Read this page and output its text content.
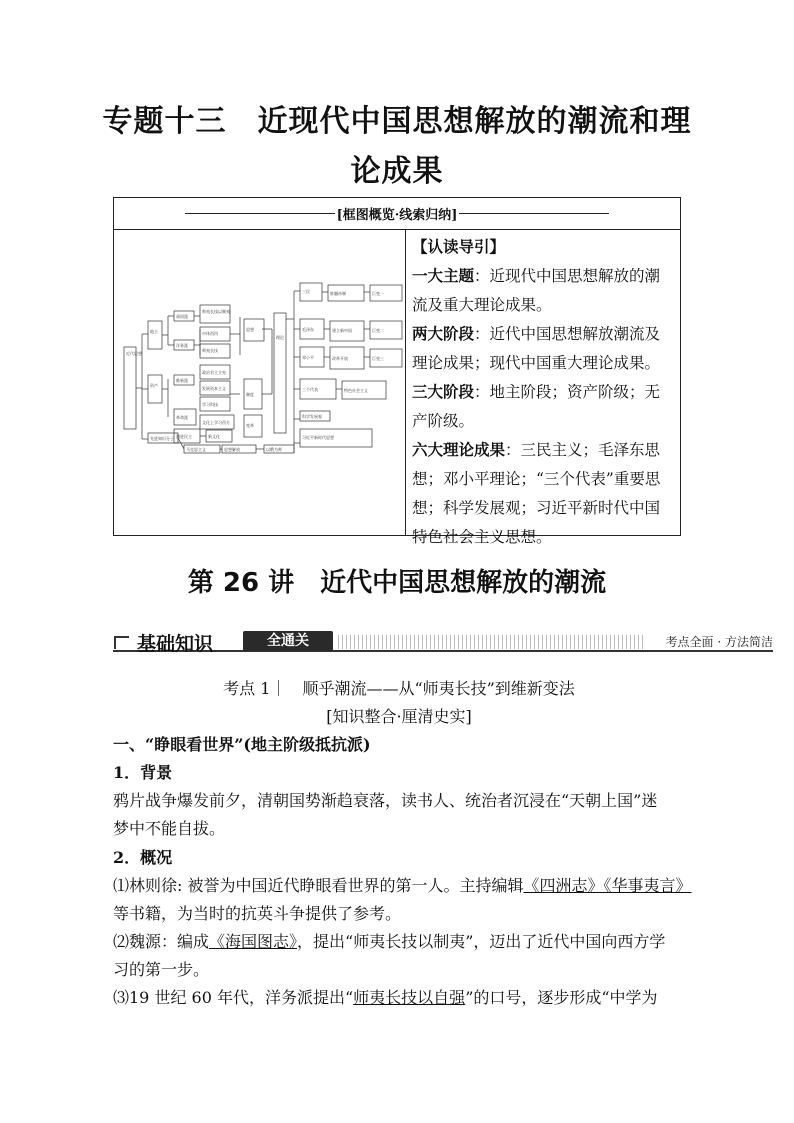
专题十三　近现代中国思想解放的潮流和理
论成果
[框图概览·线索归纳]
近代思想
地主
资产
先进知识分子
顽固派
洋务派
师夷长技以制夷
中体西用
师夷长技
维新派
革命派
政治君主立宪
发展资本主义
学习科技
文化上学习西方
激进民主	新文化
马克思主义	思想解放	以俄为师
思想
制度
变革
理论
三民
毛泽东
邓小平
三个代表
科学发展观
习近平新时代思想
推翻帝制
建立新中国
改革开放
特色社会主义
巨变一
巨变二
巨变三

【认读导引】

一大主题：近现代中国思想解放的潮流及重大理论成果。

两大阶段：近代中国思想解放潮流及理论成果；现代中国重大理论成果。

三大阶段：地主阶段；资产阶级；无产阶级。

六大理论成果：三民主义；毛泽东思想；邓小平理论；“三个代表”重要思想；科学发展观；习近平新时代中国特色社会主义思想。

第 26 讲　近代中国思想解放的潮流
基础知识	全通关	考点全面 · 方法简洁
考点 1｜　顺乎潮流——从“师夷长技”到维新变法
[知识整合·厘清史实]
一、“睁眼看世界”(地主阶级抵抗派)
1．背景
鸦片战争爆发前夕，清朝国势渐趋衰落，读书人、统治者沉浸在“天朝上国”迷
梦中不能自拔。
2．概况
⑴林则徐: 被誉为中国近代睁眼看世界的第一人。主持编辑《四洲志》《华事夷言》
等书籍，为当时的抗英斗争提供了参考。
⑵魏源：编成《海国图志》，提出“师夷长技以制夷”，迈出了近代中国向西方学
习的第一步。
⑶19 世纪 60 年代，洋务派提出“师夷长技以自强”的口号，逐步形成“中学为
